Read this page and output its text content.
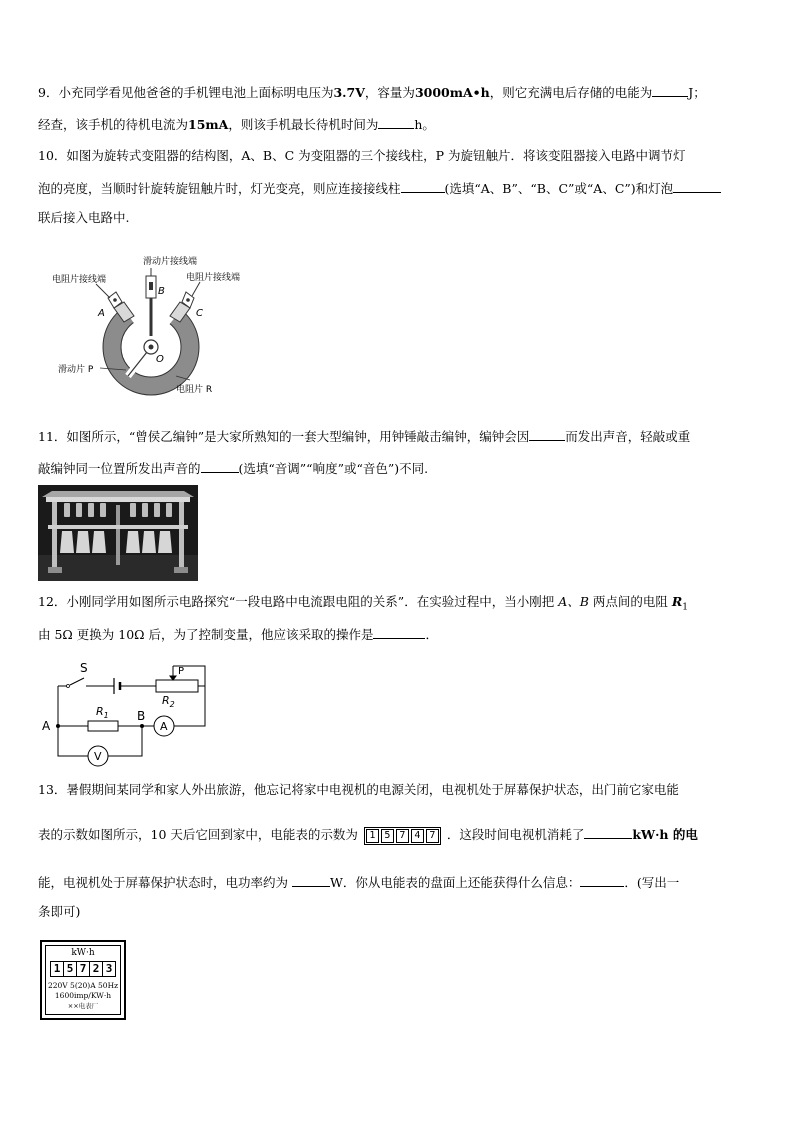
9．小充同学看见他爸爸的手机锂电池上面标明电压为3.7V，容量为3000mA•h，则它充满电后存储的电能为	J；
经查，该手机的待机电流为15mA，则该手机最长待机时间为	h。
10．如图为旋转式变阻器的结构图，A、B、C 为变阻器的三个接线柱，P 为旋钮触片．将该变阻器接入电路中调节灯
泡的亮度，当顺时针旋转旋钮触片时，灯光变亮，则应连接接线柱	(选填“A、B”、“B、C”或“A、C”)和灯泡
联后接入电路中.
滑动片接线端
电阻片接线端	电阻片接线端
A
B
C
O
滑动片 P
电阻片 R
11．如图所示，“曾侯乙编钟”是大家所熟知的一套大型编钟，用钟锤敲击编钟，编钟会因	而发出声音，轻敲或重
敲编钟同一位置所发出声音的	(选填“音调”“响度”或“音色”)不同.
12．小刚同学用如图所示电路探究“一段电路中电流跟电阻的关系”．在实验过程中，当小刚把 A、B 两点间的电阻 $R_1$
由 5Ω 更换为 10Ω 后，为了控制变量，他应该采取的操作是	．
S	P
$R_2$
$R_1$
A
B
A
V
13．暑假期间某同学和家人外出旅游，他忘记将家中电视机的电源关闭，电视机处于屏幕保护状态，出门前它家电能
表的示数如图所示，10 天后它回到家中，电能表的示数为 1 5 7 4 7 ．这段时间电视机消耗了	kW·h 的电
能，电视机处于屏幕保护状态时，电功率约为	W．你从电能表的盘面上还能获得什么信息：	．(写出一
条即可)
kW·h
1 5 7 2 3
220V 5(20)A 50Hz
1600imp/KW·h
××电表厂
